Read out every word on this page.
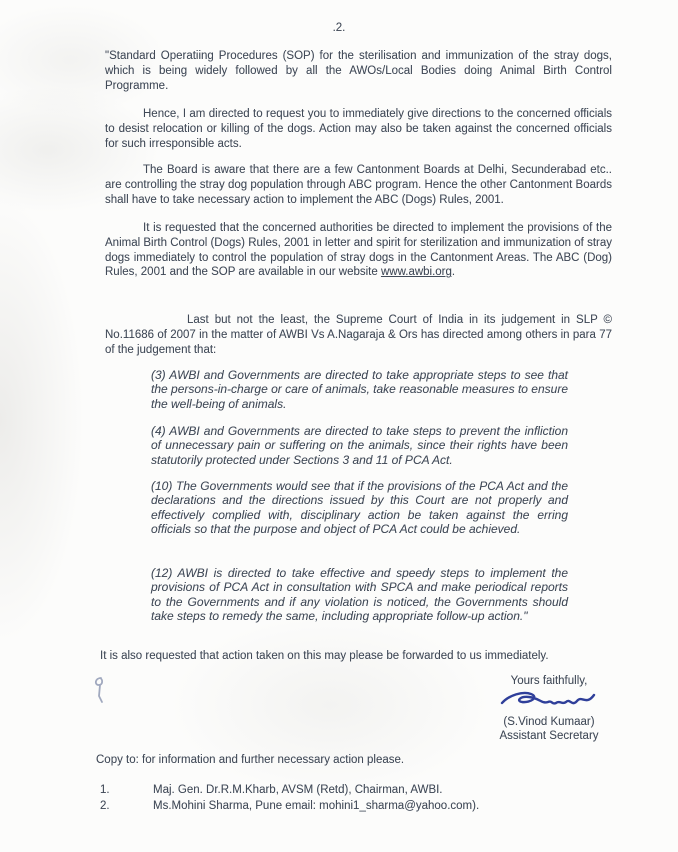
.2.
"Standard Operatiing Procedures (SOP) for the sterilisation and immunization of the stray dogs, which is being widely followed by all the AWOs/Local Bodies doing Animal Birth Control Programme.
Hence, I am directed to request you to immediately give directions to the concerned officials to desist relocation or killing of the dogs. Action may also be taken against the concerned officials for such irresponsible acts.
The Board is aware that there are a few Cantonment Boards at Delhi, Secunderabad etc.. are controlling the stray dog population through ABC program. Hence the other Cantonment Boards shall have to take necessary action to implement the ABC (Dogs) Rules, 2001.
It is requested that the concerned authorities be directed to implement the provisions of the Animal Birth Control (Dogs) Rules, 2001 in letter and spirit for sterilization and immunization of stray dogs immediately to control the population of stray dogs in the Cantonment Areas. The ABC (Dog) Rules, 2001 and the SOP are available in our website www.awbi.org.
Last but not the least, the Supreme Court of India in its judgement in SLP © No.11686 of 2007 in the matter of AWBI Vs A.Nagaraja & Ors has directed among others in para 77 of the judgement that:
(3) AWBI and Governments are directed to take appropriate steps to see that the persons-in-charge or care of animals, take reasonable measures to ensure the well-being of animals.
(4) AWBI and Governments are directed to take steps to prevent the infliction of unnecessary pain or suffering on the animals, since their rights have been statutorily protected under Sections 3 and 11 of PCA Act.
(10) The Governments would see that if the provisions of the PCA Act and the declarations and the directions issued by this Court are not properly and effectively complied with, disciplinary action be taken against the erring officials so that the purpose and object of PCA Act could be achieved.
(12) AWBI is directed to take effective and speedy steps to implement the provisions of PCA Act in consultation with SPCA and make periodical reports to the Governments and if any violation is noticed, the Governments should take steps to remedy the same, including appropriate follow-up action."
It is also requested that action taken on this may please be forwarded to us immediately.
Yours faithfully,
(S.Vinod Kumaar)
Assistant Secretary
Copy to: for information and further necessary action please.
1.	Maj. Gen. Dr.R.M.Kharb, AVSM (Retd), Chairman, AWBI.
2.	Ms.Mohini Sharma, Pune email: mohini1_sharma@yahoo.com).
